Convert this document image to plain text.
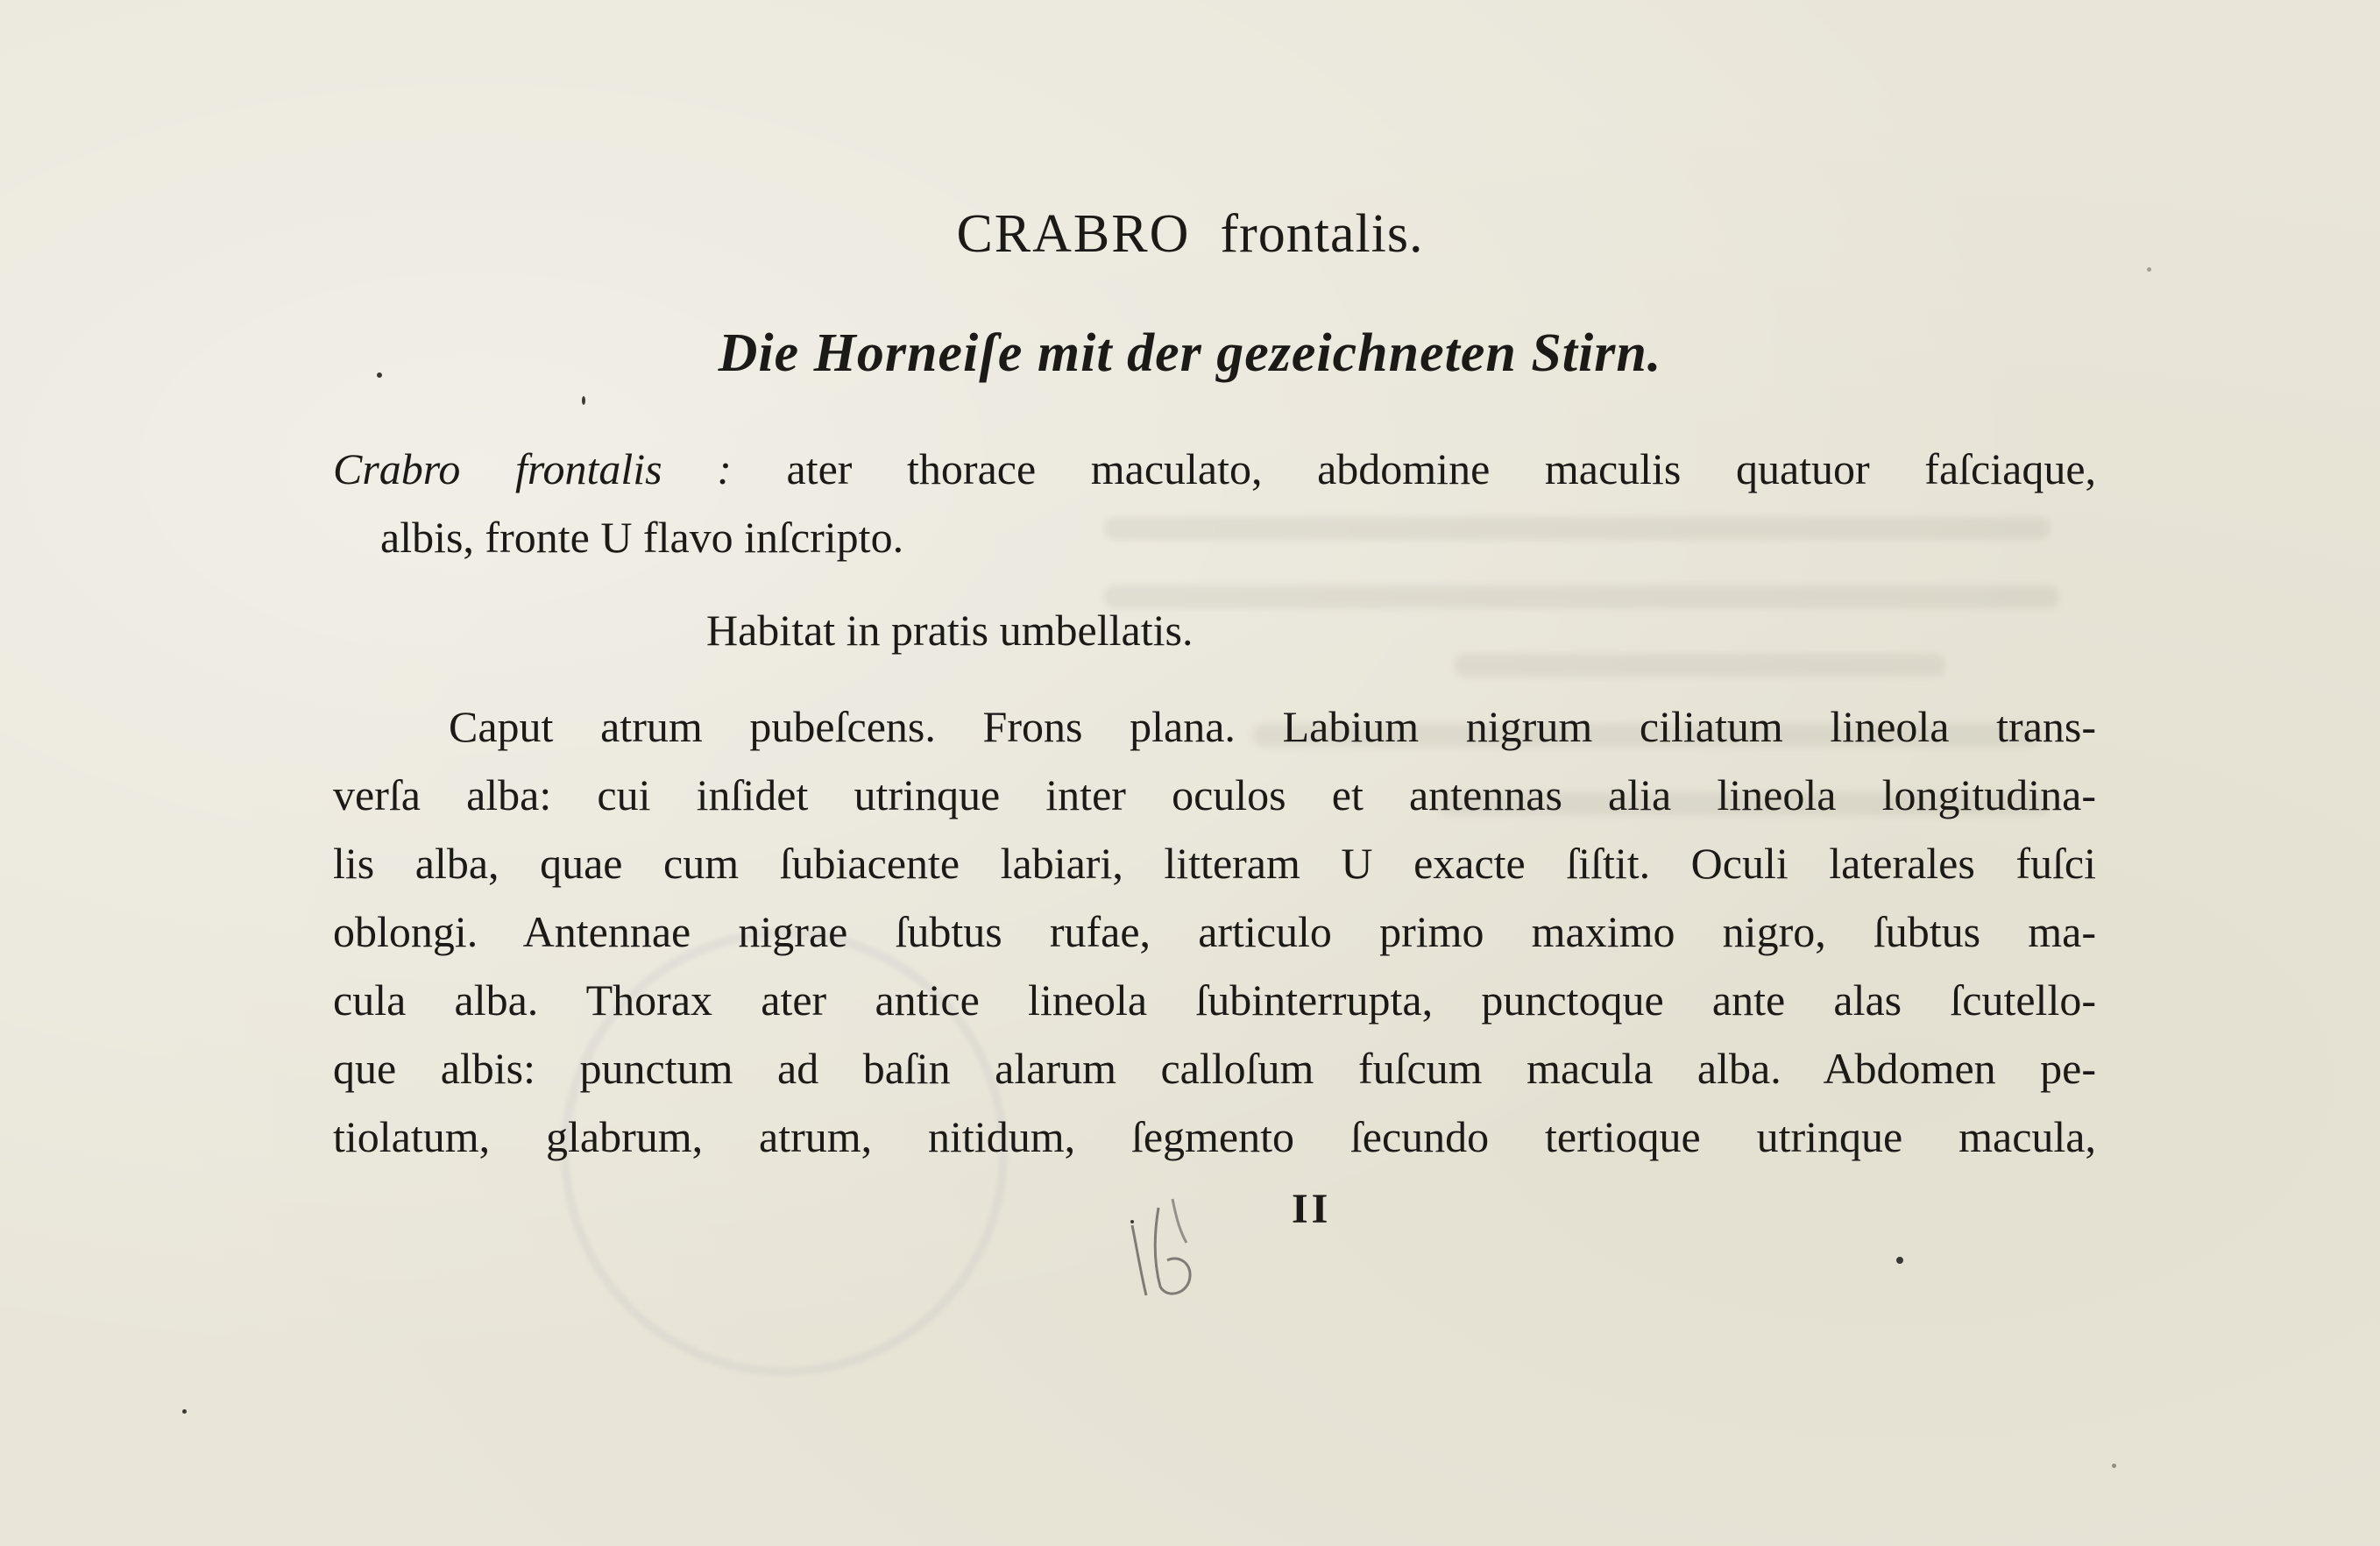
CRABRO frontalis.
Die Horneiſe mit der gezeichneten Stirn.
Crabro frontalis : ater thorace maculato, abdomine maculis quatuor faſciaque,
albis, fronte U flavo inſcripto.
Habitat in pratis umbellatis.
Caput atrum pubeſcens. Frons plana. Labium nigrum ciliatum lineola trans-
verſa alba: cui inſidet utrinque inter oculos et antennas alia lineola longitudina-
lis alba, quae cum ſubiacente labiari, litteram U exacte ſiſtit. Oculi laterales fuſci
oblongi. Antennae nigrae ſubtus rufae, articulo primo maximo nigro, ſubtus ma-
cula alba. Thorax ater antice lineola ſubinterrupta, punctoque ante alas ſcutello-
que albis: punctum ad baſin alarum calloſum fuſcum macula alba. Abdomen pe-
tiolatum, glabrum, atrum, nitidum, ſegmento ſecundo tertioque utrinque macula,
II
